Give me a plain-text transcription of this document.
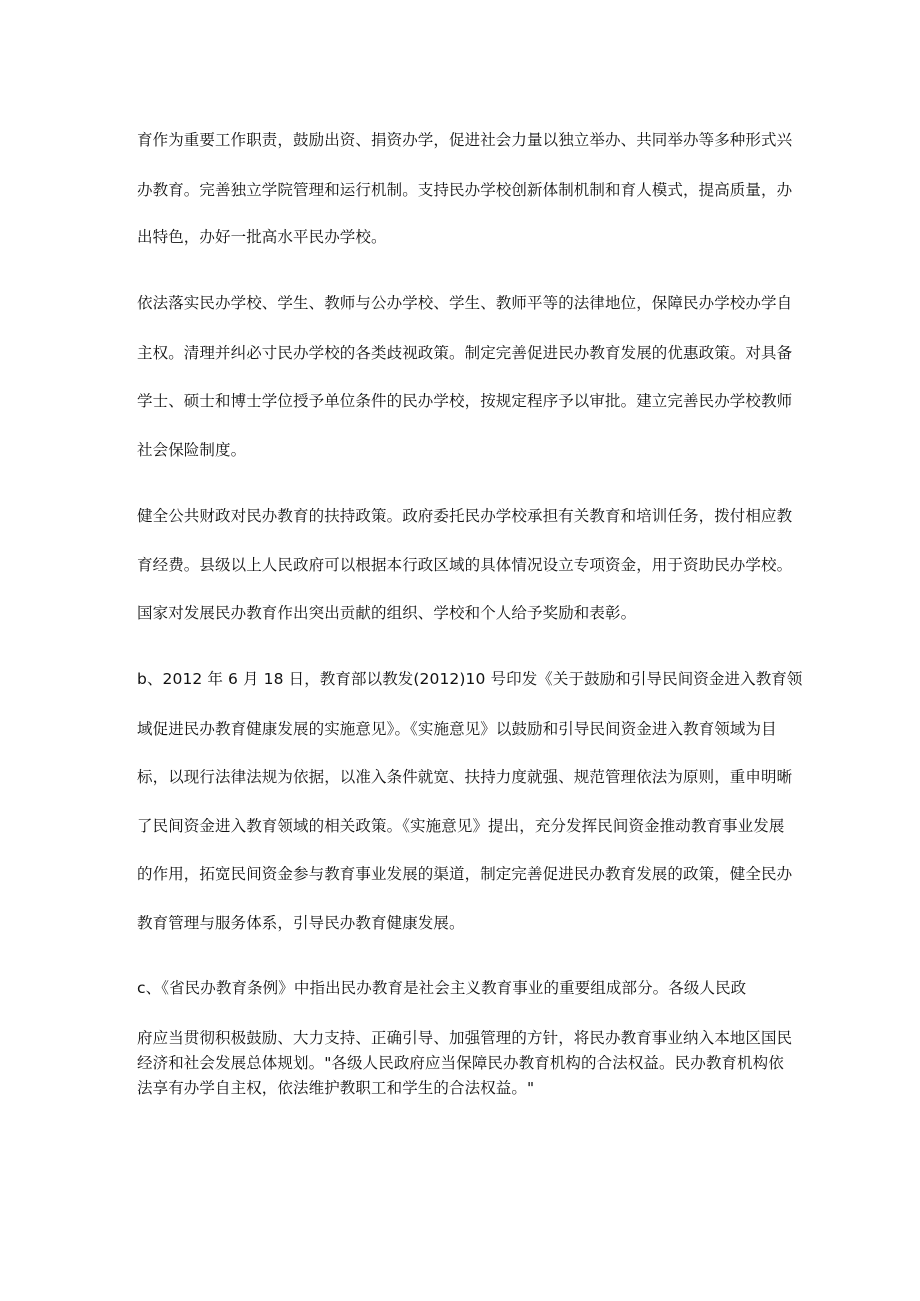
育作为重要工作职责，鼓励出资、捐资办学，促进社会力量以独立举办、共同举办等多种形式兴
办教育。完善独立学院管理和运行机制。支持民办学校创新体制机制和育人模式，提高质量，办
出特色，办好一批高水平民办学校。
依法落实民办学校、学生、教师与公办学校、学生、教师平等的法律地位，保障民办学校办学自
主权。清理并纠必寸民办学校的各类歧视政策。制定完善促进民办教育发展的优惠政策。对具备
学士、硕士和博士学位授予单位条件的民办学校，按规定程序予以审批。建立完善民办学校教师
社会保险制度。
健全公共财政对民办教育的扶持政策。政府委托民办学校承担有关教育和培训任务，拨付相应教
育经费。县级以上人民政府可以根据本行政区域的具体情况设立专项资金，用于资助民办学校。
国家对发展民办教育作出突出贡献的组织、学校和个人给予奖励和表彰。
b、2012 年 6 月 18 日，教育部以教发(2012)10 号印发《关于鼓励和引导民间资金进入教育领
域促进民办教育健康发展的实施意见》。《实施意见》以鼓励和引导民间资金进入教育领域为目
标，以现行法律法规为依据，以准入条件就宽、扶持力度就强、规范管理依法为原则，重申明晰
了民间资金进入教育领域的相关政策。《实施意见》提出，充分发挥民间资金推动教育事业发展
的作用，拓宽民间资金参与教育事业发展的渠道，制定完善促进民办教育发展的政策，健全民办
教育管理与服务体系，引导民办教育健康发展。
c、《省民办教育条例》中指出民办教育是社会主义教育事业的重要组成部分。各级人民政
府应当贯彻积极鼓励、大力支持、正确引导、加强管理的方针，将民办教育事业纳入本地区国民
经济和社会发展总体规划。"各级人民政府应当保障民办教育机构的合法权益。民办教育机构依
法享有办学自主权，依法维护教职工和学生的合法权益。"
